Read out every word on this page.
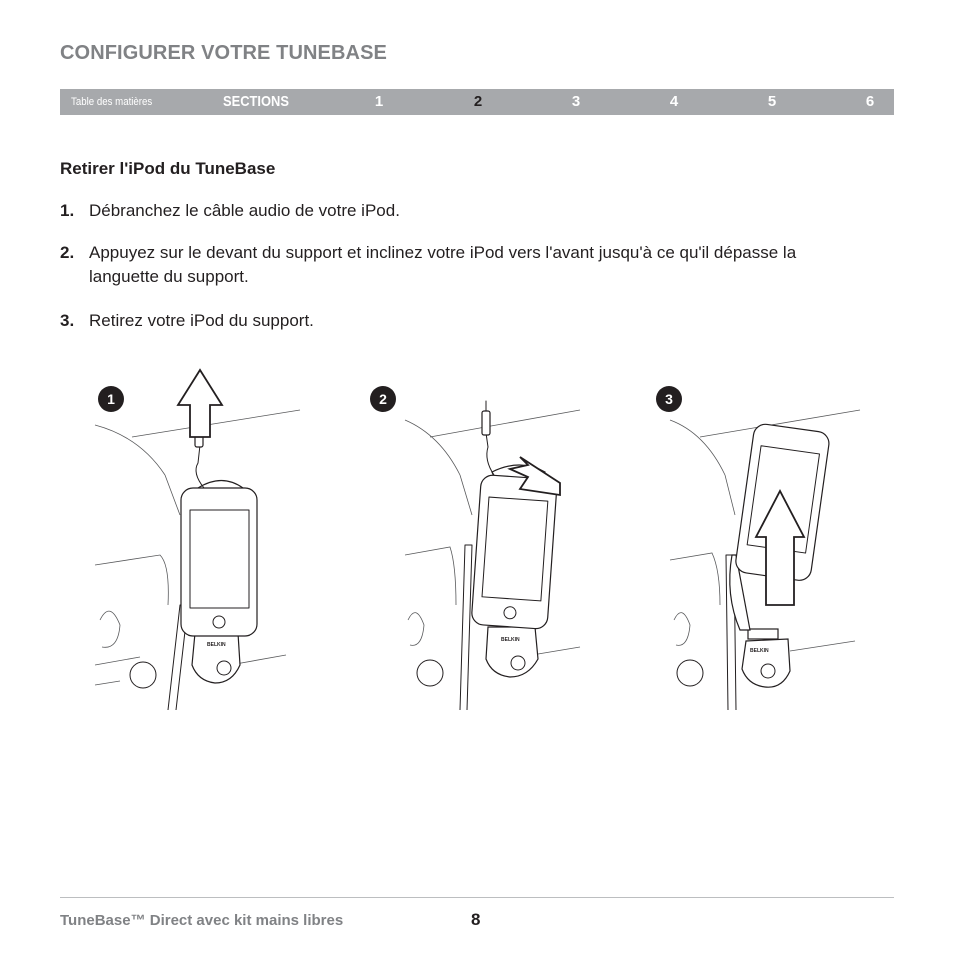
CONFIGURER VOTRE TUNEBASE
Table des matières	SECTIONS	1	2	3	4	5	6
Retirer l'iPod du TuneBase
1. Débranchez le câble audio de votre iPod.
2. Appuyez sur le devant du support et inclinez votre iPod vers l'avant jusqu'à ce qu'il dépasse la languette du support.
3. Retirez votre iPod du support.
BELKIN
1
BELKIN
2
BELKIN
3
TuneBase™ Direct avec kit mains libres	8
